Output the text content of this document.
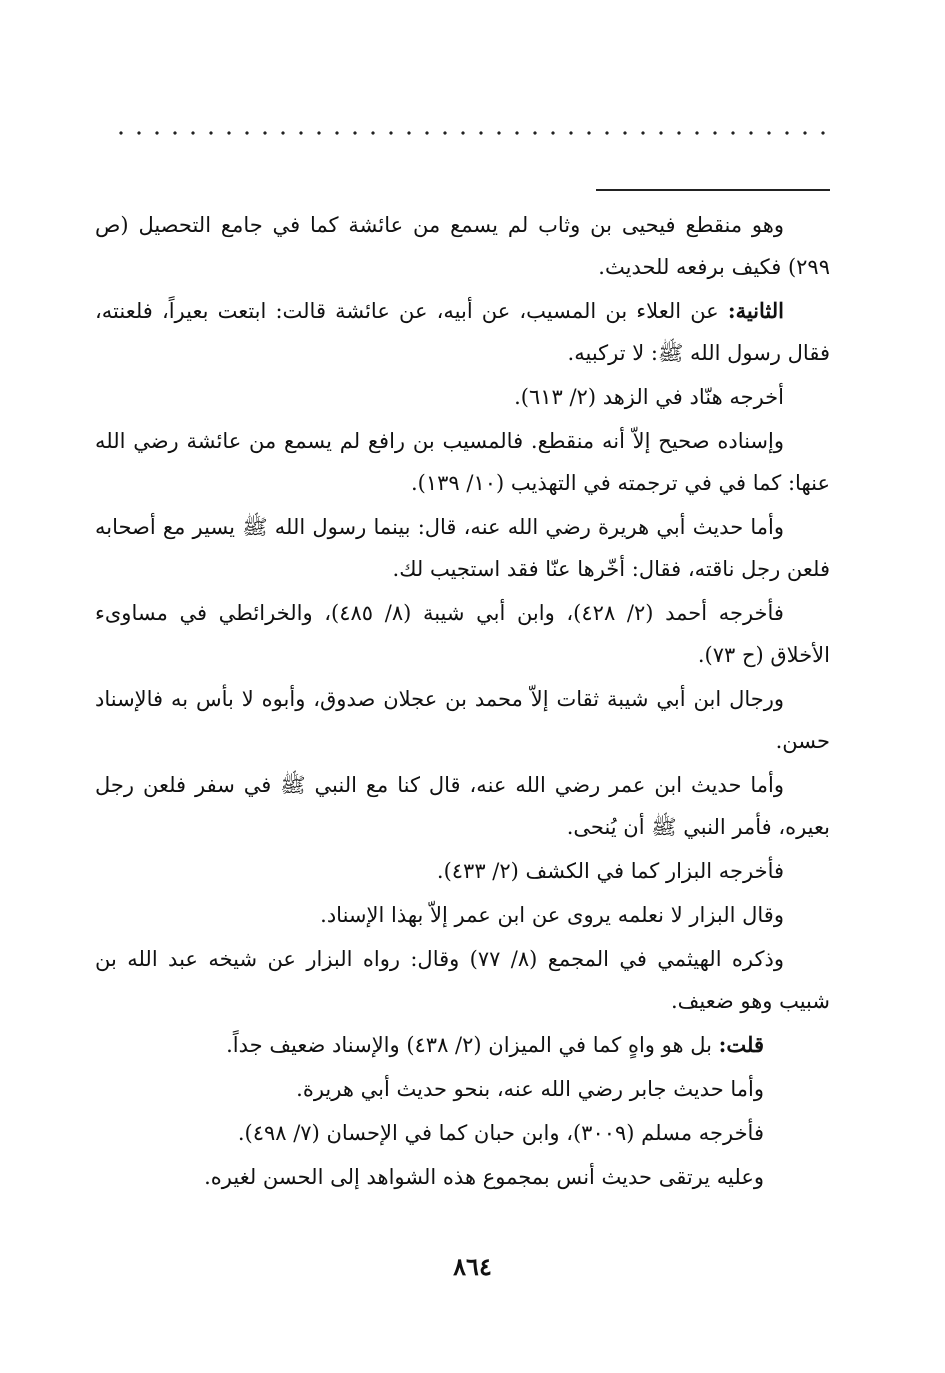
وهو منقطع فيحيى بن وثاب لم يسمع من عائشة كما في جامع التحصيل (ص ٢٩٩) فكيف برفعه للحديث.

الثانية: عن العلاء بن المسيب، عن أبيه، عن عائشة قالت: ابتعت بعيراً، فلعنته، فقال رسول الله ﷺ: لا تركبيه.

أخرجه هنّاد في الزهد (٢/ ٦١٣).

وإسناده صحيح إلاّ أنه منقطع. فالمسيب بن رافع لم يسمع من عائشة رضي الله عنها: كما في في ترجمته في التهذيب (١٠/ ١٣٩).

وأما حديث أبي هريرة رضي الله عنه، قال: بينما رسول الله ﷺ يسير مع أصحابه فلعن رجل ناقته، فقال: أخّرها عنّا فقد استجيب لك.

فأخرجه أحمد (٢/ ٤٢٨)، وابن أبي شيبة (٨/ ٤٨٥)، والخرائطي في مساوىء الأخلاق (ح ٧٣).

ورجال ابن أبي شيبة ثقات إلاّ محمد بن عجلان صدوق، وأبوه لا بأس به فالإسناد حسن.

وأما حديث ابن عمر رضي الله عنه، قال كنا مع النبي ﷺ في سفر فلعن رجل بعيره، فأمر النبي ﷺ أن يُنحى.

فأخرجه البزار كما في الكشف (٢/ ٤٣٣).

وقال البزار لا نعلمه يروى عن ابن عمر إلاّ بهذا الإسناد.

وذكره الهيثمي في المجمع (٨/ ٧٧) وقال: رواه البزار عن شيخه عبد الله بن شبيب وهو ضعيف.

قلت: بل هو واهٍ كما في الميزان (٢/ ٤٣٨) والإسناد ضعيف جداً.

وأما حديث جابر رضي الله عنه، بنحو حديث أبي هريرة.

فأخرجه مسلم (٣٠٠٩)، وابن حبان كما في الإحسان (٧/ ٤٩٨).

وعليه يرتقى حديث أنس بمجموع هذه الشواهد إلى الحسن لغيره.

٨٦٤
